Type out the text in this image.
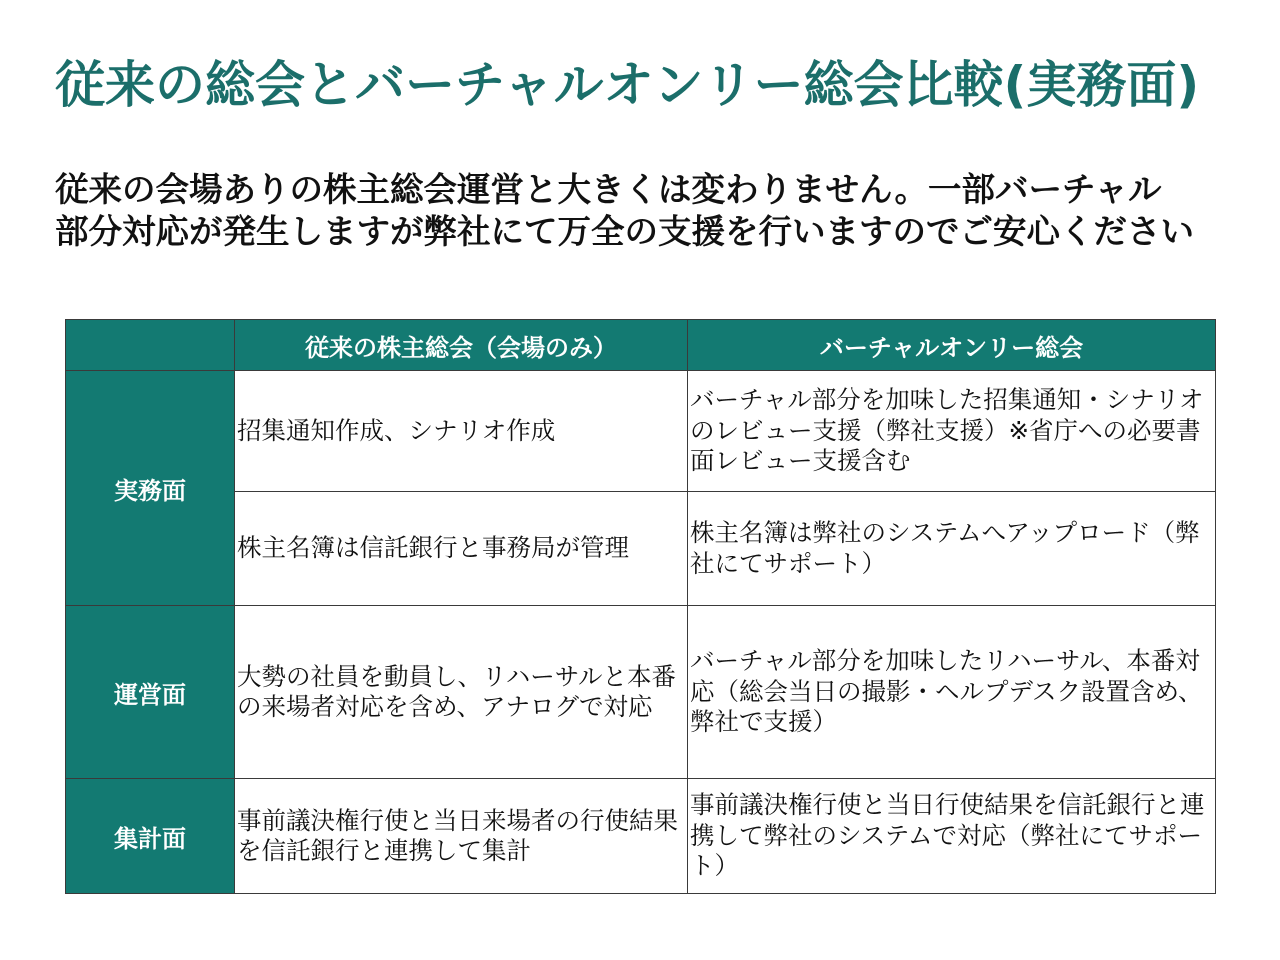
従来の総会とバーチャルオンリー総会比較(実務面)

従来の会場ありの株主総会運営と大きくは変わりません。一部バーチャル
部分対応が発生しますが弊社にて万全の支援を行いますのでご安心ください

	従来の株主総会（会場のみ）	バーチャルオンリー総会
実務面	招集通知作成、シナリオ作成	バーチャル部分を加味した招集通知・シナリオのレビュー支援（弊社支援）※省庁への必要書面レビュー支援含む
	株主名簿は信託銀行と事務局が管理	株主名簿は弊社のシステムへアップロード（弊社にてサポート）
運営面	大勢の社員を動員し、リハーサルと本番の来場者対応を含め、アナログで対応	バーチャル部分を加味したリハーサル、本番対応（総会当日の撮影・ヘルプデスク設置含め、弊社で支援）
集計面	事前議決権行使と当日来場者の行使結果を信託銀行と連携して集計	事前議決権行使と当日行使結果を信託銀行と連携して弊社のシステムで対応（弊社にてサポート）
